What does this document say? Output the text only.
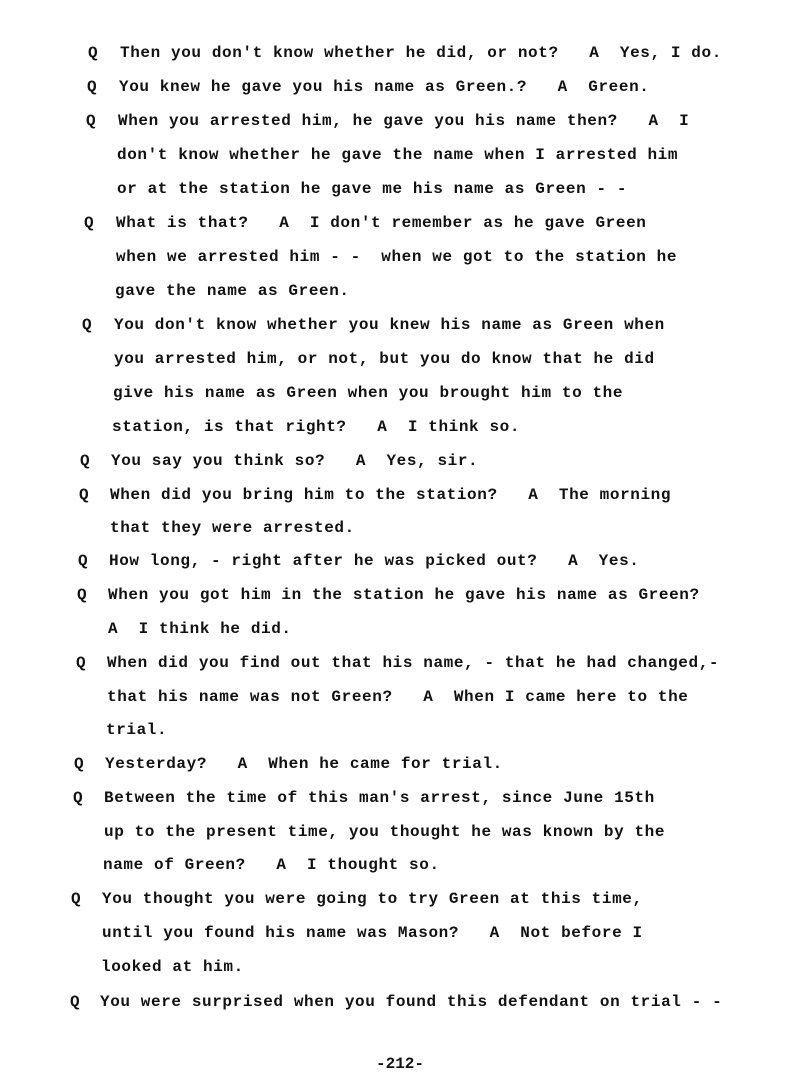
Q Then you don't know whether he did, or not?   A  Yes, I do.
Q You knew he gave you his name as Green.?   A  Green.
Q When you arrested him, he gave you his name then?   A  I
don't know whether he gave the name when I arrested him
or at the station he gave me his name as Green - -
Q What is that?   A  I don't remember as he gave Green
when we arrested him - -  when we got to the station he
gave the name as Green.
Q You don't know whether you knew his name as Green when
you arrested him, or not, but you do know that he did
give his name as Green when you brought him to the
station, is that right?   A  I think so.
Q You say you think so?   A  Yes, sir.
Q When did you bring him to the station?   A  The morning
that they were arrested.
Q How long, - right after he was picked out?   A  Yes.
Q When you got him in the station he gave his name as Green?
A  I think he did.
Q When did you find out that his name, - that he had changed,-
that his name was not Green?   A  When I came here to the
trial.
Q Yesterday?   A  When he came for trial.
Q Between the time of this man's arrest, since June 15th
up to the present time, you thought he was known by the
name of Green?   A  I thought so.
Q You thought you were going to try Green at this time,
until you found his name was Mason?   A  Not before I
looked at him.
Q You were surprised when you found this defendant on trial - -
-212-
